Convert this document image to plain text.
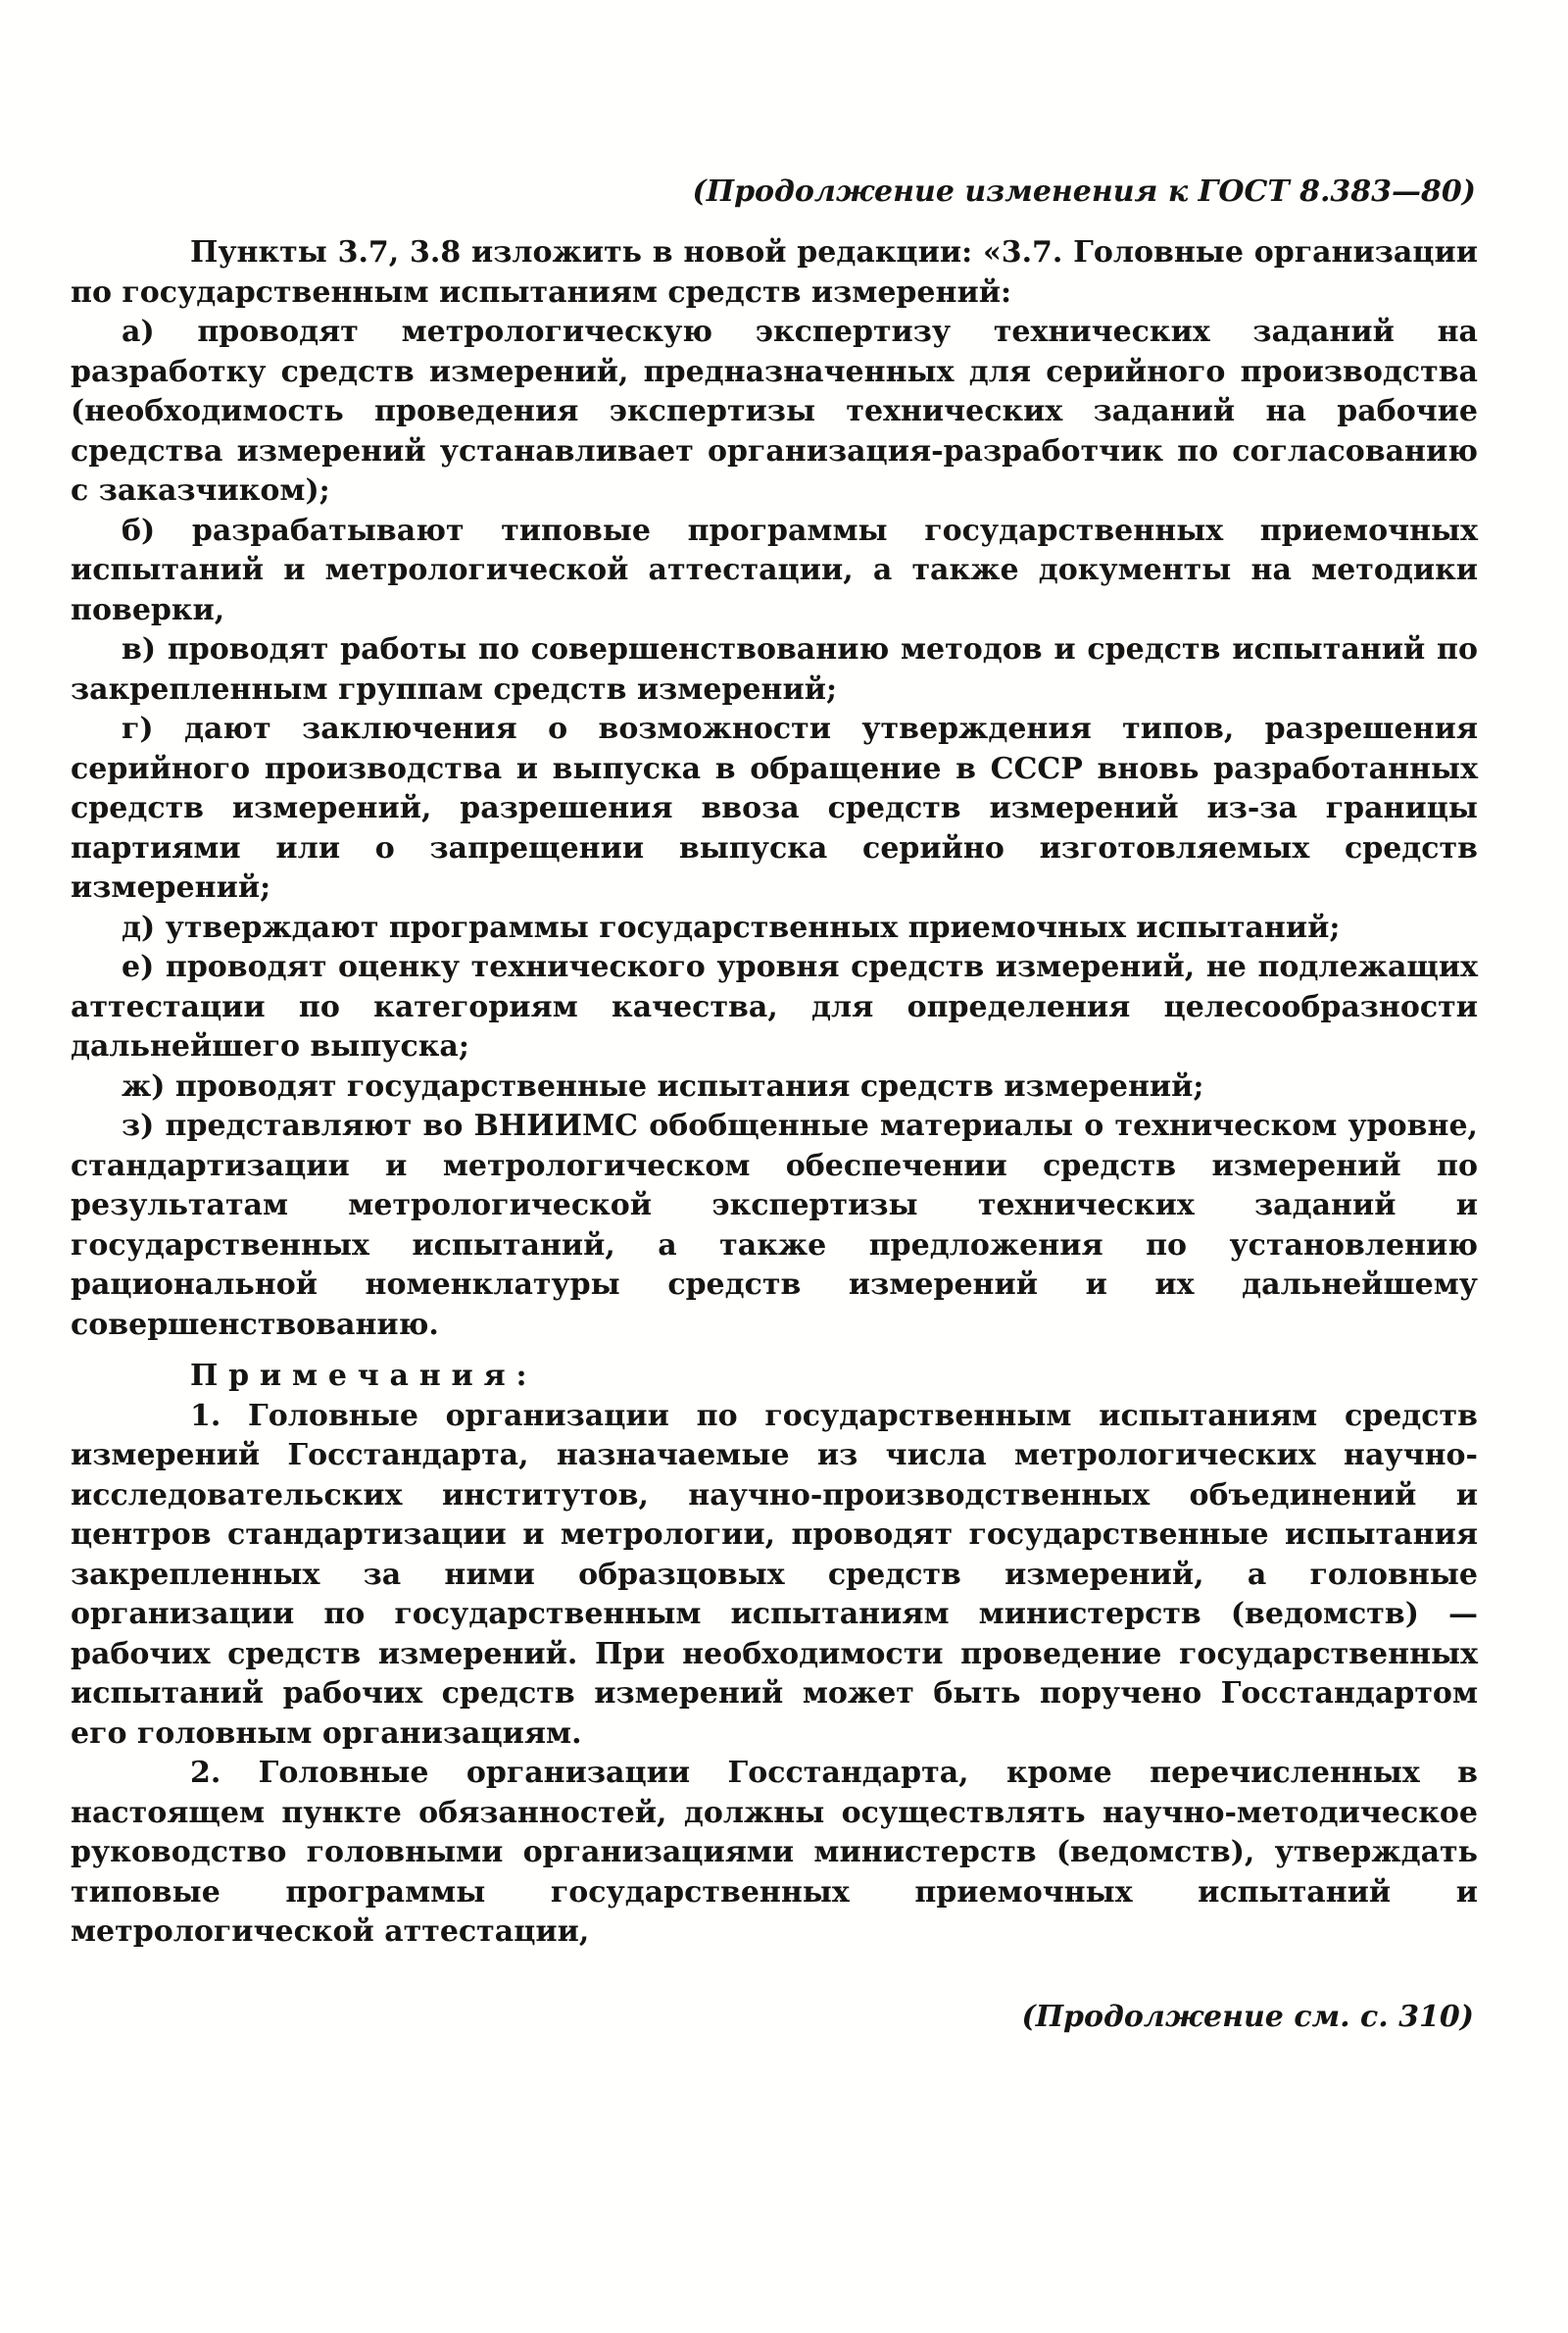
(Продолжение изменения к ГОСТ 8.383—80)
Пункты 3.7, 3.8 изложить в новой редакции: «3.7. Головные организации по государственным испытаниям средств измерений:
а) проводят метрологическую экспертизу технических заданий на разработку средств измерений, предназначенных для серийного производства (необходимость проведения экспертизы технических заданий на рабочие средства измерений устанавливает организация-разработчик по согласованию с заказчиком);
б) разрабатывают типовые программы государственных приемочных испытаний и метрологической аттестации, а также документы на методики поверки,
в) проводят работы по совершенствованию методов и средств испытаний по закрепленным группам средств измерений;
г) дают заключения о возможности утверждения типов, разрешения серийного производства и выпуска в обращение в СССР вновь разработанных средств измерений, разрешения ввоза средств измерений из-за границы партиями или о запрещении выпуска серийно изготовляемых средств измерений;
д) утверждают программы государственных приемочных испытаний;
е) проводят оценку технического уровня средств измерений, не подлежащих аттестации по категориям качества, для определения целесообразности дальнейшего выпуска;
ж) проводят государственные испытания средств измерений;
з) представляют во ВНИИМС обобщенные материалы о техническом уровне, стандартизации и метрологическом обеспечении средств измерений по результатам метрологической экспертизы технических заданий и государственных испытаний, а также предложения по установлению рациональной номенклатуры средств измерений и их дальнейшему совершенствованию.
Примечания:
1. Головные организации по государственным испытаниям средств измерений Госстандарта, назначаемые из числа метрологических научно-исследовательских институтов, научно-производственных объединений и центров стандартизации и метрологии, проводят государственные испытания закрепленных за ними образцовых средств измерений, а головные организации по государственным испытаниям министерств (ведомств) — рабочих средств измерений. При необходимости проведение государственных испытаний рабочих средств измерений может быть поручено Госстандартом его головным организациям.
2. Головные организации Госстандарта, кроме перечисленных в настоящем пункте обязанностей, должны осуществлять научно-методическое руководство головными организациями министерств (ведомств), утверждать типовые программы государственных приемочных испытаний и метрологической аттестации,
(Продолжение см. с. 310)
